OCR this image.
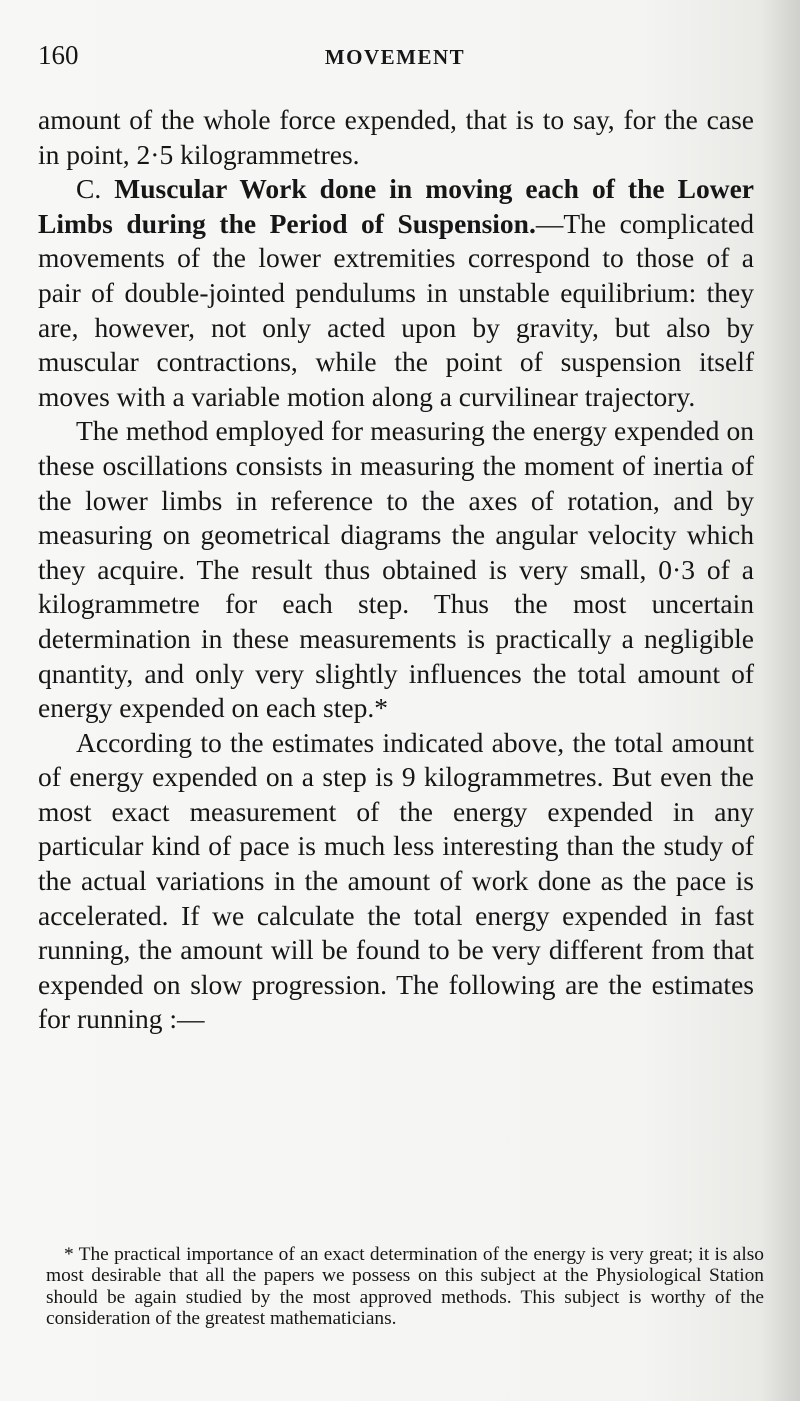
160	MOVEMENT

amount of the whole force expended, that is to say, for the case in point, 2·5 kilogrammetres.

C. Muscular Work done in moving each of the Lower Limbs during the Period of Suspension.—The complicated movements of the lower extremities correspond to those of a pair of double-jointed pendulums in unstable equilibrium: they are, however, not only acted upon by gravity, but also by muscular contractions, while the point of suspension itself moves with a variable motion along a curvilinear trajectory.

The method employed for measuring the energy expended on these oscillations consists in measuring the moment of inertia of the lower limbs in reference to the axes of rotation, and by measuring on geometrical diagrams the angular velocity which they acquire. The result thus obtained is very small, 0·3 of a kilogrammetre for each step. Thus the most uncertain determination in these measurements is practically a negligible qnantity, and only very slightly influences the total amount of energy expended on each step.*

According to the estimates indicated above, the total amount of energy expended on a step is 9 kilogrammetres. But even the most exact measurement of the energy expended in any particular kind of pace is much less interesting than the study of the actual variations in the amount of work done as the pace is accelerated. If we calculate the total energy expended in fast running, the amount will be found to be very different from that expended on slow progression. The following are the estimates for running :—

* The practical importance of an exact determination of the energy is very great; it is also most desirable that all the papers we possess on this subject at the Physiological Station should be again studied by the most approved methods. This subject is worthy of the consideration of the greatest mathematicians.
